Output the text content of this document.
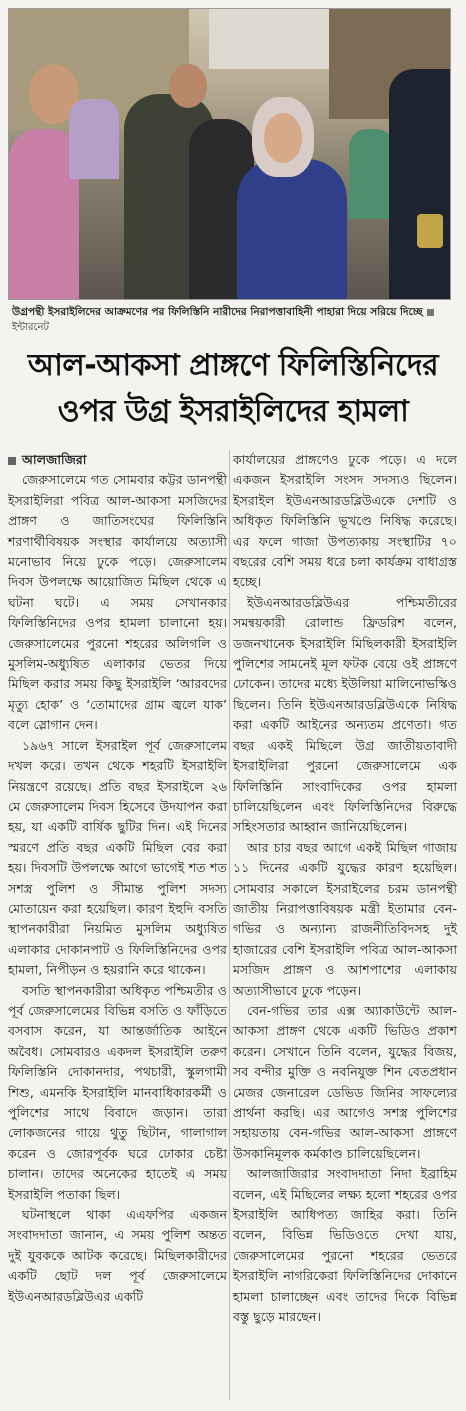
উগ্রপন্থী ইসরাইলিদের আক্রমণের পর ফিলিস্তিনি নারীদের নিরাপত্তাবাহিনী পাহারা দিয়ে সরিয়ে দিচ্ছেইন্টারনেট
আল-আকসা প্রাঙ্গণে ফিলিস্তিনিদের
ওপর উগ্র ইসরাইলিদের হামলা
আলজাজিরা

জেরুসালেমে গত সোমবার কট্টর ডানপন্থী ইসরাইলিরা পবিত্র আল-আকসা মসজিদের প্রাঙ্গণ ও জাতিসংঘের ফিলিস্তিনি শরণার্থীবিষয়ক সংস্থার কার্যালয়ে অত্যাসী মনোভাব নিয়ে ঢুকে পড়ে। জেরুসালেম দিবস উপলক্ষে আয়োজিত মিছিল থেকে এ ঘটনা ঘটে। এ সময় সেখানকার ফিলিস্তিনিদের ওপর হামলা চালানো হয়। জেরুসালেমের পুরনো শহরের অলিগলি ও মুসলিম-অধ্যুষিত এলাকার ভেতর দিয়ে মিছিল করার সময় কিছু ইসরাইলি ‘আরবদের মৃত্যু হোক’ ও ‘তোমাদের গ্রাম জ্বলে যাক’ বলে স্লোগান দেন।

১৯৬৭ সালে ইসরাইল পূর্ব জেরুসালেম দখল করে। তখন থেকে শহরটি ইসরাইলি নিয়ন্ত্রণে রয়েছে। প্রতি বছর ইসরাইলে ২৬ মে জেরুসালেম দিবস হিসেবে উদযাপন করা হয়, যা একটি বার্ষিক ছুটির দিন। এই দিনের স্মরণে প্রতি বছর একটি মিছিল বের করা হয়। দিবসটি উপলক্ষে আগে ভাগেই শত শত সশস্ত্র পুলিশ ও সীমান্ত পুলিশ সদস্য মোতায়েন করা হয়েছিল। কারণ ইহুদি বসতি স্থাপনকারীরা নিয়মিত মুসলিম অধ্যুষিত এলাকার দোকানপাট ও ফিলিস্তিনিদের ওপর হামলা, নিপীড়ন ও হয়রানি করে থাকেন।

বসতি স্থাপনকারীরা অধিকৃত পশ্চিমতীর ও পূর্ব জেরুসালেমের বিভিন্ন বসতি ও ফাঁড়িতে বসবাস করেন, যা আন্তর্জাতিক আইনে অবৈধ। সোমবারও একদল ইসরাইলি তরুণ ফিলিস্তিনি দোকানদার, পথচারী, স্কুলগামী শিশু, এমনকি ইসরাইলি মানবাধিকারকর্মী ও পুলিশের সাথে বিবাদে জড়ান। তারা লোকজনের গায়ে থুতু ছিটান, গালাগাল করেন ও জোরপূর্বক ঘরে ঢোকার চেষ্টা চালান। তাদের অনেকের হাতেই এ সময় ইসরাইলি পতাকা ছিল।

ঘটনাস্থলে থাকা এএফপির একজন সংবাদদাতা জানান, এ সময় পুলিশ অন্তত দুই যুবককে আটক করেছে। মিছিলকারীদের একটি ছোট দল পূর্ব জেরুসালেমে ইউএনআরডব্লিউএর একটি

কার্যালয়ের প্রাঙ্গণেও ঢুকে পড়ে। এ দলে একজন ইসরাইলি সংসদ সদস্যও ছিলেন। ইসরাইল ইউএনআরডব্লিউএকে দেশটি ও অধিকৃত ফিলিস্তিনি ভূখণ্ডে নিষিদ্ধ করেছে। এর ফলে গাজা উপত্যকায় সংস্থাটির ৭০ বছরের বেশি সময় ধরে চলা কার্যক্রম বাধাগ্রস্ত হচ্ছে।

ইউএনআরডব্লিউএর পশ্চিমতীরের সমন্বয়কারী রোলান্ড ফ্রিডরিশ বলেন, ডজনখানেক ইসরাইলি মিছিলকারী ইসরাইলি পুলিশের সামনেই মূল ফটক বেয়ে ওই প্রাঙ্গণে ঢোকেন। তাদের মধ্যে ইউলিয়া মালিনোভস্কিও ছিলেন। তিনি ইউএনআরডব্লিউএকে নিষিদ্ধ করা একটি আইনের অন্যতম প্রণেতা। গত বছর একই মিছিলে উগ্র জাতীয়তাবাদী ইসরাইলিরা পুরনো জেরুসালেমে এক ফিলিস্তিনি সাংবাদিকের ওপর হামলা চালিয়েছিলেন এবং ফিলিস্তিনিদের বিরুদ্ধে সহিংসতার আহ্বান জানিয়েছিলেন।

আর চার বছর আগে একই মিছিল গাজায় ১১ দিনের একটি যুদ্ধের কারণ হয়েছিল। সোমবার সকালে ইসরাইলের চরম ডানপন্থী জাতীয় নিরাপত্তাবিষয়ক মন্ত্রী ইতামার বেন-গভির ও অন্যান্য রাজনীতিবিদসহ দুই হাজারের বেশি ইসরাইলি পবিত্র আল-আকসা মসজিদ প্রাঙ্গণ ও আশপাশের এলাকায় অত্যাসীভাবে ঢুকে পড়েন।

বেন-গভির তার এক্স অ্যাকাউন্টে আল-আকসা প্রাঙ্গণ থেকে একটি ভিডিও প্রকাশ করেন। সেখানে তিনি বলেন, যুদ্ধের বিজয়, সব বন্দীর মুক্তি ও নবনিযুক্ত শিন বেতপ্রধান মেজর জেনারেল ডেভিড জিনির সাফল্যের প্রার্থনা করছি। এর আগেও সশস্ত্র পুলিশের সহায়তায় বেন-গভির আল-আকসা প্রাঙ্গণে উসকানিমূলক কর্মকাণ্ড চালিয়েছিলেন।

আলজাজিরার সংবাদদাতা নিদা ইব্রাহিম বলেন, এই মিছিলের লক্ষ্য হলো শহরের ওপর ইসরাইলি আধিপত্য জাহির করা। তিনি বলেন, বিভিন্ন ভিডিওতে দেখা যায়, জেরুসালেমের পুরনো শহরের ভেতরে ইসরাইলি নাগরিকেরা ফিলিস্তিনিদের দোকানে হামলা চালাচ্ছেন এবং তাদের দিকে বিভিন্ন বস্তু ছুড়ে মারছেন।
